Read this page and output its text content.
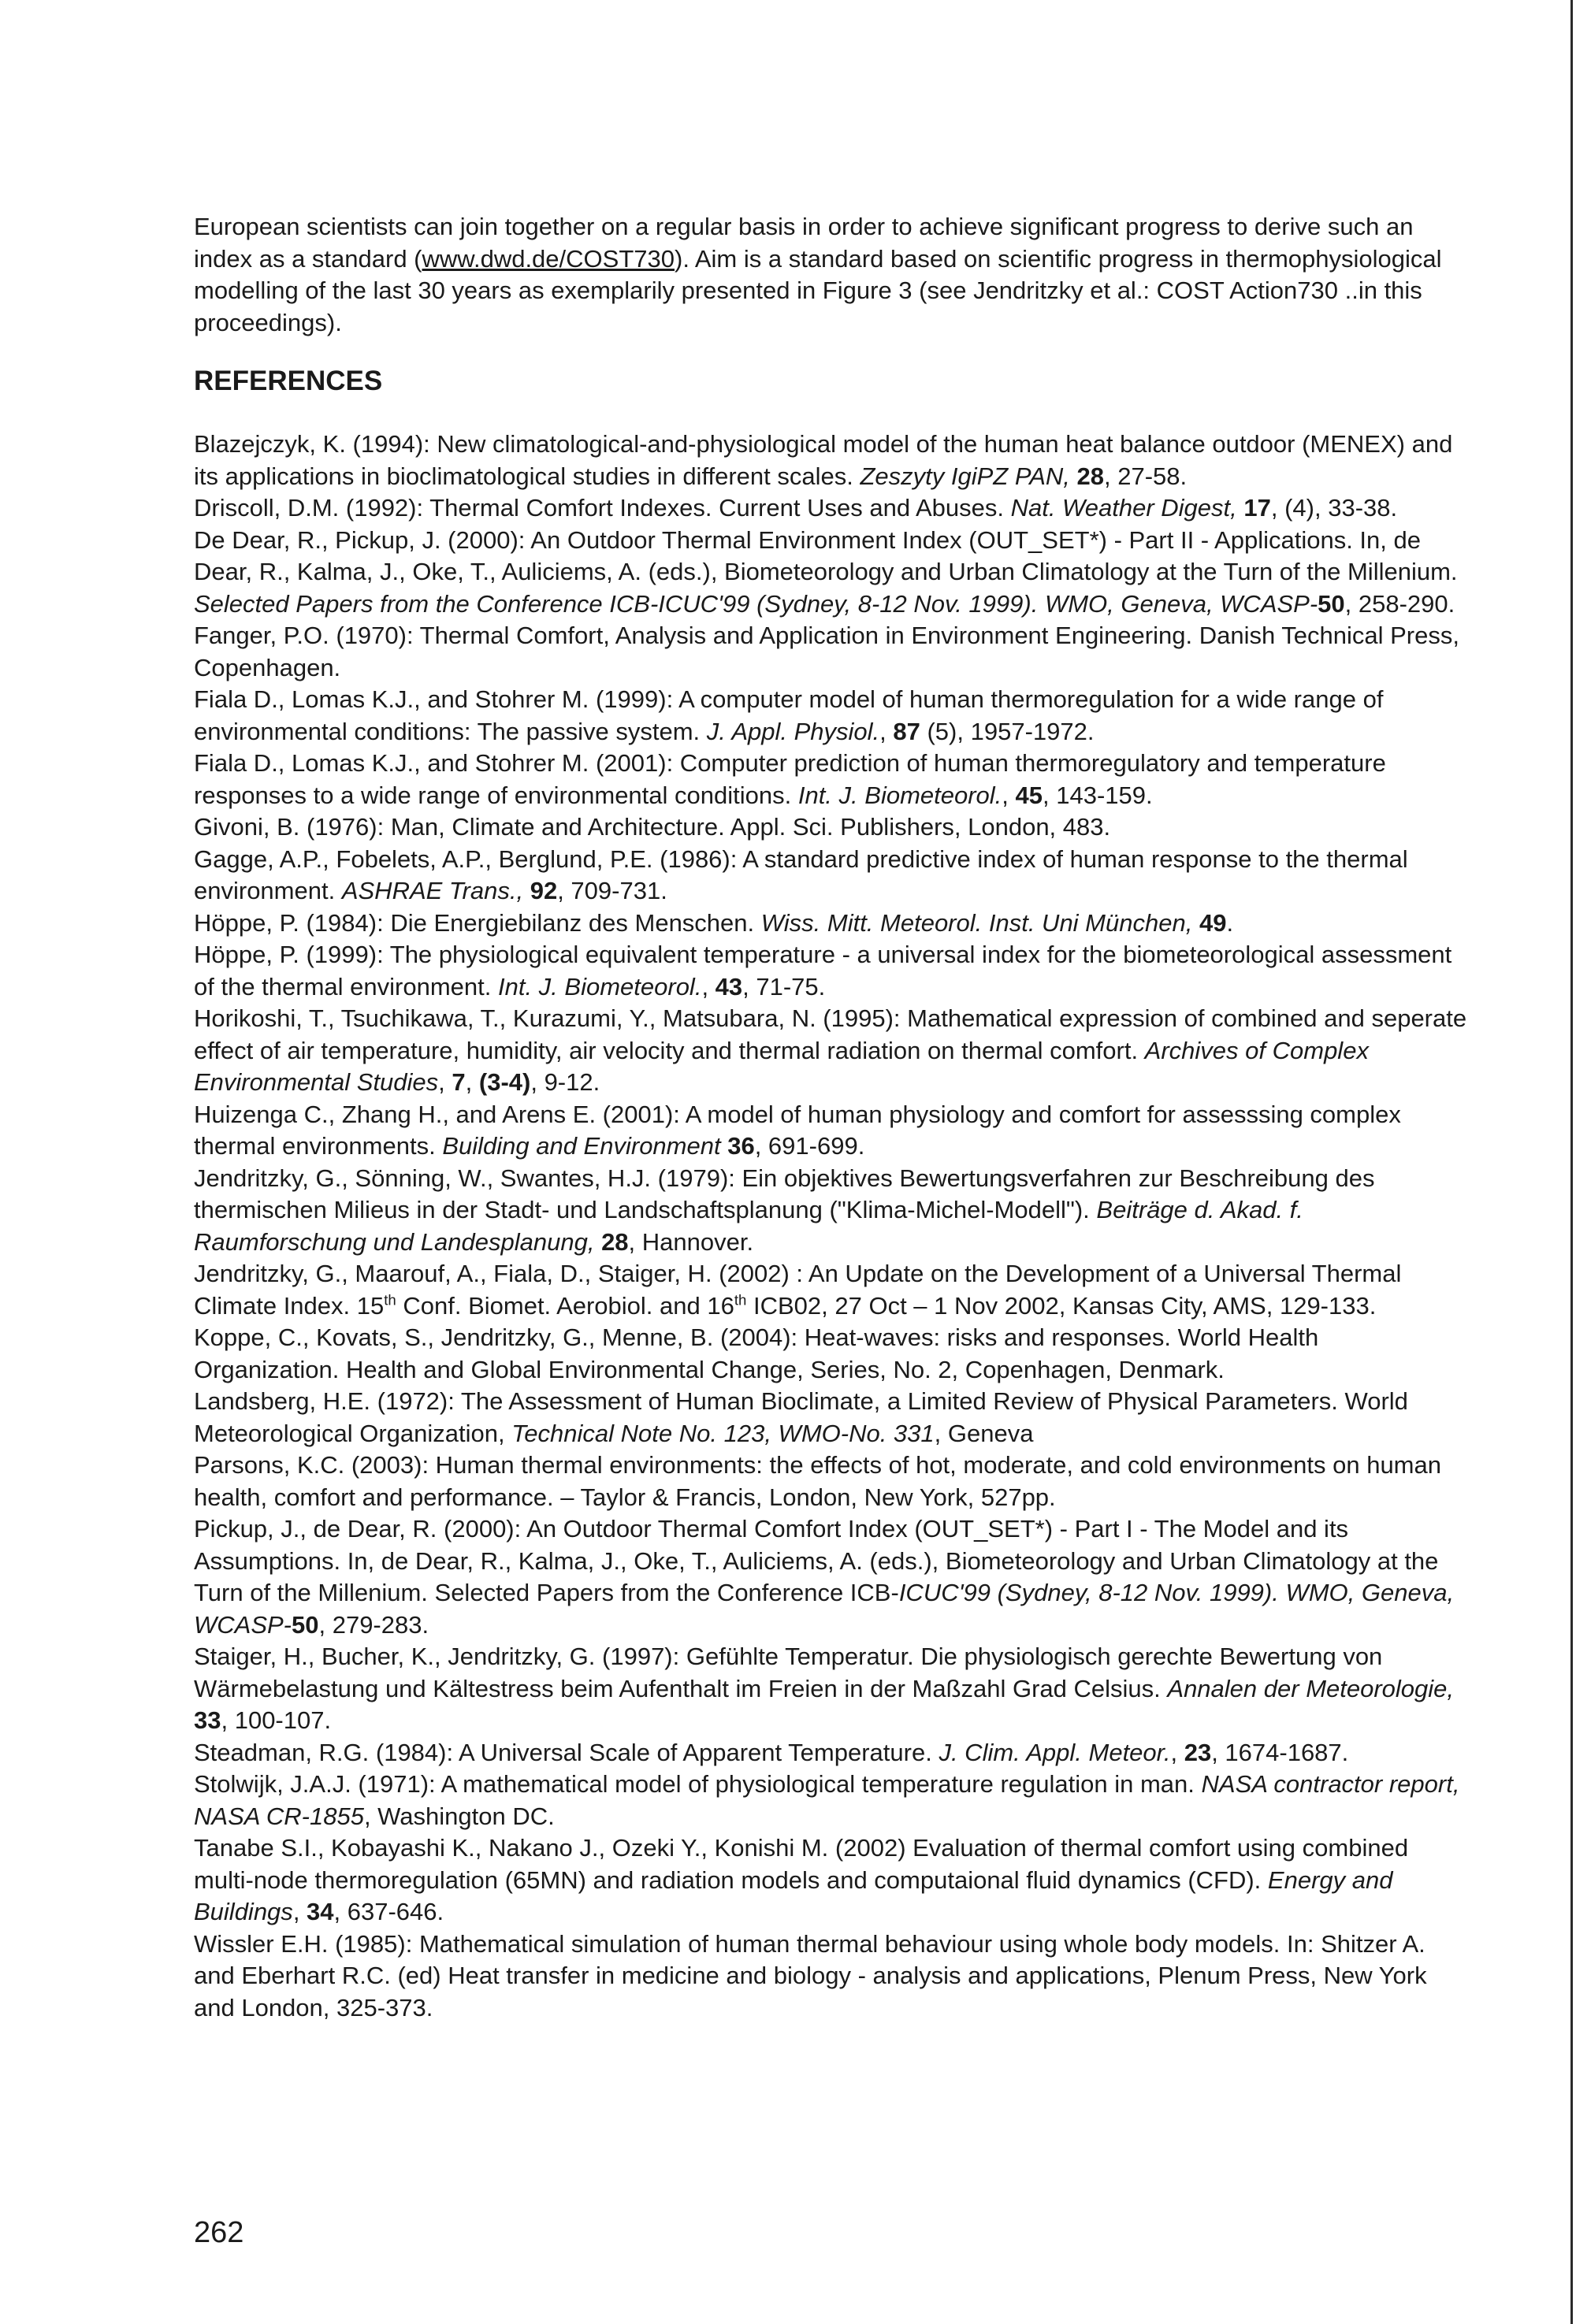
European scientists can join together on a regular basis in order to achieve significant progress to derive such an index as a standard (www.dwd.de/COST730). Aim is a standard based on scientific progress in thermophysiological modelling of the last 30 years as exemplarily presented in Figure 3 (see Jendritzky et al.: COST Action730 ..in this proceedings).

REFERENCES

Blazejczyk, K. (1994): New climatological-and-physiological model of the human heat balance outdoor (MENEX) and its applications in bioclimatological studies in different scales. Zeszyty IgiPZ PAN, 28, 27-58.

Driscoll, D.M. (1992): Thermal Comfort Indexes. Current Uses and Abuses. Nat. Weather Digest, 17, (4), 33-38.

De Dear, R., Pickup, J. (2000): An Outdoor Thermal Environment Index (OUT_SET*) - Part II - Applications. In, de Dear, R., Kalma, J., Oke, T., Auliciems, A. (eds.), Biometeorology and Urban Climatology at the Turn of the Millenium. Selected Papers from the Conference ICB-ICUC'99 (Sydney, 8-12 Nov. 1999). WMO, Geneva, WCASP-50, 258-290.

Fanger, P.O. (1970): Thermal Comfort, Analysis and Application in Environment Engineering. Danish Technical Press, Copenhagen.

Fiala D., Lomas K.J., and Stohrer M. (1999): A computer model of human thermoregulation for a wide range of environmental conditions: The passive system. J. Appl. Physiol., 87 (5), 1957-1972.

Fiala D., Lomas K.J., and Stohrer M. (2001): Computer prediction of human thermoregulatory and temperature responses to a wide range of environmental conditions. Int. J. Biometeorol., 45, 143-159.

Givoni, B. (1976): Man, Climate and Architecture. Appl. Sci. Publishers, London, 483.

Gagge, A.P., Fobelets, A.P., Berglund, P.E. (1986): A standard predictive index of human response to the thermal environment. ASHRAE Trans., 92, 709-731.

Höppe, P. (1984): Die Energiebilanz des Menschen. Wiss. Mitt. Meteorol. Inst. Uni München, 49.

Höppe, P. (1999): The physiological equivalent temperature - a universal index for the biometeorological assessment of the thermal environment. Int. J. Biometeorol., 43, 71-75.

Horikoshi, T., Tsuchikawa, T., Kurazumi, Y., Matsubara, N. (1995): Mathematical expression of combined and seperate effect of air temperature, humidity, air velocity and thermal radiation on thermal comfort. Archives of Complex Environmental Studies, 7, (3-4), 9-12.

Huizenga C., Zhang H., and Arens E. (2001): A model of human physiology and comfort for assesssing complex thermal environments. Building and Environment 36, 691-699.

Jendritzky, G., Sönning, W., Swantes, H.J. (1979): Ein objektives Bewertungsverfahren zur Beschreibung des thermischen Milieus in der Stadt- und Landschaftsplanung ("Klima-Michel-Modell"). Beiträge d. Akad. f. Raumforschung und Landesplanung, 28, Hannover.

Jendritzky, G., Maarouf, A., Fiala, D., Staiger, H. (2002) : An Update on the Development of a Universal Thermal Climate Index. 15th Conf. Biomet. Aerobiol. and 16th ICB02, 27 Oct – 1 Nov 2002, Kansas City, AMS, 129-133.

Koppe, C., Kovats, S., Jendritzky, G., Menne, B. (2004): Heat-waves: risks and responses. World Health Organization. Health and Global Environmental Change, Series, No. 2, Copenhagen, Denmark.

Landsberg, H.E. (1972): The Assessment of Human Bioclimate, a Limited Review of Physical Parameters. World Meteorological Organization, Technical Note No. 123, WMO-No. 331, Geneva

Parsons, K.C. (2003): Human thermal environments: the effects of hot, moderate, and cold environments on human health, comfort and performance. – Taylor & Francis, London, New York, 527pp.

Pickup, J., de Dear, R. (2000): An Outdoor Thermal Comfort Index (OUT_SET*) - Part I - The Model and its Assumptions. In, de Dear, R., Kalma, J., Oke, T., Auliciems, A. (eds.), Biometeorology and Urban Climatology at the Turn of the Millenium. Selected Papers from the Conference ICB-ICUC'99 (Sydney, 8-12 Nov. 1999). WMO, Geneva, WCASP-50, 279-283.

Staiger, H., Bucher, K., Jendritzky, G. (1997): Gefühlte Temperatur. Die physiologisch gerechte Bewertung von Wärmebelastung und Kältestress beim Aufenthalt im Freien in der Maßzahl Grad Celsius. Annalen der Meteorologie, 33, 100-107.

Steadman, R.G. (1984): A Universal Scale of Apparent Temperature. J. Clim. Appl. Meteor., 23, 1674-1687.

Stolwijk, J.A.J. (1971): A mathematical model of physiological temperature regulation in man. NASA contractor report, NASA CR-1855, Washington DC.

Tanabe S.I., Kobayashi K., Nakano J., Ozeki Y., Konishi M. (2002) Evaluation of thermal comfort using combined multi-node thermoregulation (65MN) and radiation models and computaional fluid dynamics (CFD). Energy and Buildings, 34, 637-646.

Wissler E.H. (1985): Mathematical simulation of human thermal behaviour using whole body models. In: Shitzer A. and Eberhart R.C. (ed) Heat transfer in medicine and biology - analysis and applications, Plenum Press, New York and London, 325-373.

262
